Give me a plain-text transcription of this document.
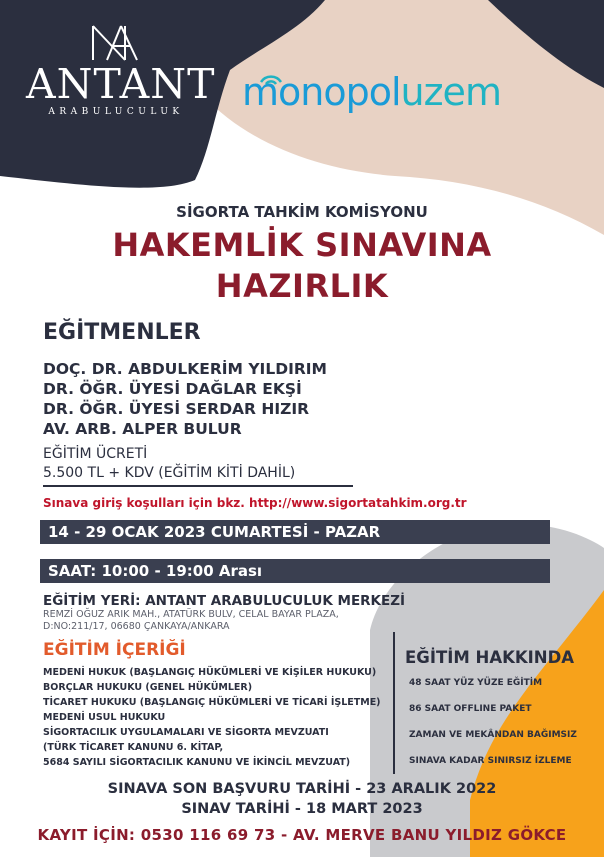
ANTANT
ARABULUCULUK	monopoluzem
SİGORTA TAHKİM KOMİSYONU
HAKEMLİK SINAVINA
HAZIRLIK
EĞİTMENLER
DOÇ. DR. ABDULKERİM YILDIRIM
DR. ÖĞR. ÜYESİ DAĞLAR EKŞİ
DR. ÖĞR. ÜYESİ SERDAR HIZIR
AV. ARB. ALPER BULUR
EĞİTİM ÜCRETİ
5.500 TL + KDV (EĞİTİM KİTİ DAHİL)
Sınava giriş koşulları için bkz. http://www.sigortatahkim.org.tr
14 - 29 OCAK 2023 CUMARTESİ - PAZAR
SAAT: 10:00 - 19:00 Arası
EĞİTİM YERİ: ANTANT ARABULUCULUK MERKEZİ
REMZİ OĞUZ ARIK MAH., ATATÜRK BULV, CELAL BAYAR PLAZA, D:NO:211/17, 06680 ÇANKAYA/ANKARA
EĞİTİM İÇERİĞİ
MEDENİ HUKUK (BAŞLANGIÇ HÜKÜMLERİ VE KİŞİLER HUKUKU)
BORÇLAR HUKUKU (GENEL HÜKÜMLER)
TİCARET HUKUKU (BAŞLANGIÇ HÜKÜMLERİ VE TİCARİ İŞLETME)
MEDENİ USUL HUKUKU
SİGORTACILIK UYGULAMALARI VE SİGORTA MEVZUATI
(TÜRK TİCARET KANUNU 6. KİTAP,
5684 SAYILI SİGORTACILIK KANUNU VE İKİNCİL MEVZUAT)
EĞİTİM HAKKINDA
48 SAAT YÜZ YÜZE EĞİTİM
86 SAAT OFFLINE PAKET
ZAMAN VE MEKÂNDAN BAĞIMSIZ
SINAVA KADAR SINIRSIZ İZLEME
SINAVA SON BAŞVURU TARİHİ - 23 ARALIK 2022
SINAV TARİHİ - 18 MART 2023
KAYIT İÇİN: 0530 116 69 73 - AV. MERVE BANU YILDIZ GÖKCE
